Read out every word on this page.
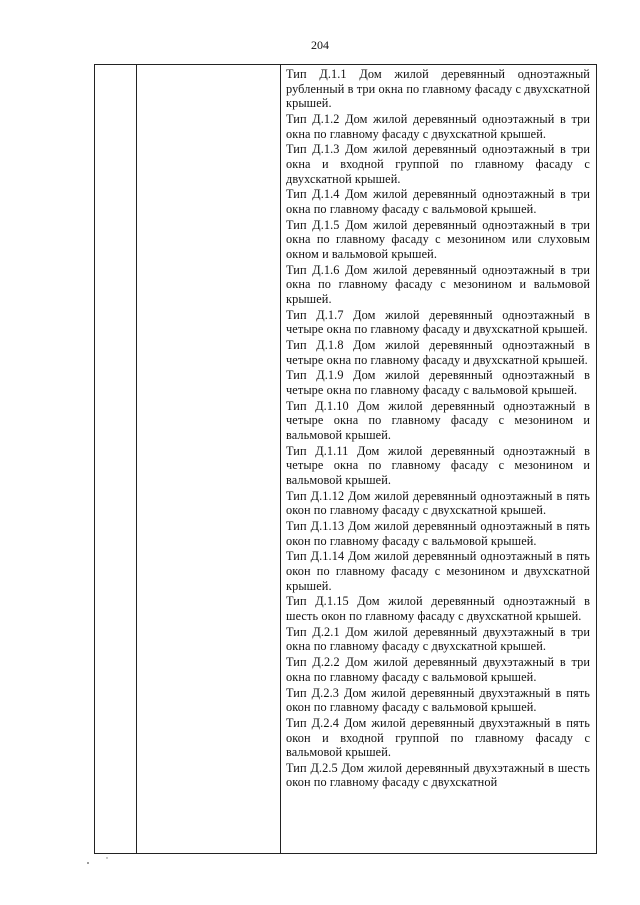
204

Тип Д.1.1 Дом жилой деревянный одноэтажный рубленный в три окна по главному фасаду с двухскатной крышей.

Тип Д.1.2 Дом жилой деревянный одноэтажный в три окна по главному фасаду с двухскатной крышей.

Тип Д.1.3 Дом жилой деревянный одноэтажный в три окна и входной группой по главному фасаду с двухскатной крышей.

Тип Д.1.4 Дом жилой деревянный одноэтажный в три окна по главному фасаду с вальмовой крышей.

Тип Д.1.5 Дом жилой деревянный одноэтажный в три окна по главному фасаду с мезонином или слуховым окном и вальмовой крышей.

Тип Д.1.6 Дом жилой деревянный одноэтажный в три окна по главному фасаду с мезонином и вальмовой крышей.

Тип Д.1.7 Дом жилой деревянный одноэтажный в четыре окна по главному фасаду и двухскатной крышей.

Тип Д.1.8 Дом жилой деревянный одноэтажный в четыре окна по главному фасаду и двухскатной крышей.

Тип Д.1.9 Дом жилой деревянный одноэтажный в четыре окна по главному фасаду с вальмовой крышей.

Тип Д.1.10 Дом жилой деревянный одноэтажный в четыре окна по главному фасаду с мезонином и вальмовой крышей.

Тип Д.1.11 Дом жилой деревянный одноэтажный в четыре окна по главному фасаду с мезонином и вальмовой крышей.

Тип Д.1.12 Дом жилой деревянный одноэтажный в пять окон по главному фасаду с двухскатной крышей.

Тип Д.1.13 Дом жилой деревянный одноэтажный в пять окон по главному фасаду с вальмовой крышей.

Тип Д.1.14 Дом жилой деревянный одноэтажный в пять окон по главному фасаду с мезонином и двухскатной крышей.

Тип Д.1.15 Дом жилой деревянный одноэтажный в шесть окон по главному фасаду с двухскатной крышей.

Тип Д.2.1 Дом жилой деревянный двухэтажный в три окна по главному фасаду с двухскатной крышей.

Тип Д.2.2 Дом жилой деревянный двухэтажный в три окна по главному фасаду с вальмовой крышей.

Тип Д.2.3 Дом жилой деревянный двухэтажный в пять окон по главному фасаду с вальмовой крышей.

Тип Д.2.4 Дом жилой деревянный двухэтажный в пять окон и входной группой по главному фасаду с вальмовой крышей.

Тип Д.2.5 Дом жилой деревянный двухэтажный в шесть окон по главному фасаду с двухскатной
